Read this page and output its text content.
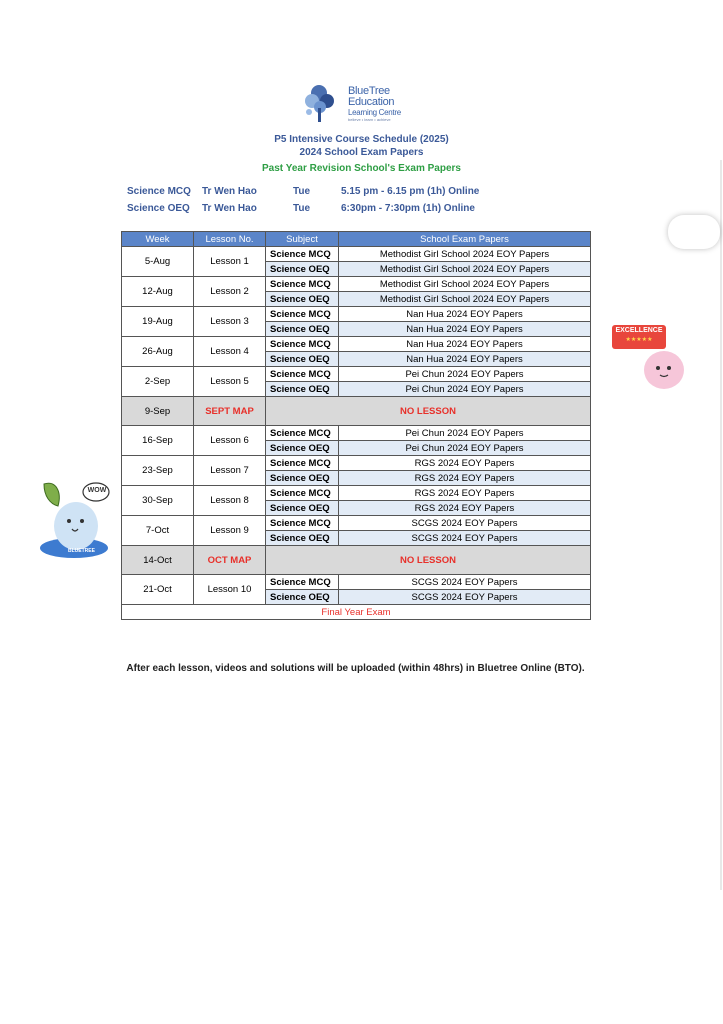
BlueTree
Education
Learning Centre
believe • learn • achieve
P5 Intensive Course Schedule (2025)
2024 School Exam Papers
Past Year Revision School's Exam Papers
Science MCQ Tr Wen Hao	Tue	5.15 pm - 6.15 pm (1h) Online
Science OEQ Tr Wen Hao	Tue	6:30pm - 7:30pm (1h) Online
Week	Lesson No.	Subject	School Exam Papers
5-Aug	Lesson 1	Science MCQ	Methodist Girl School 2024 EOY Papers
		Science OEQ	Methodist Girl School 2024 EOY Papers
12-Aug	Lesson 2	Science MCQ	Methodist Girl School 2024 EOY Papers
		Science OEQ	Methodist Girl School 2024 EOY Papers
19-Aug	Lesson 3	Science MCQ	Nan Hua 2024 EOY Papers
		Science OEQ	Nan Hua 2024 EOY Papers
26-Aug	Lesson 4	Science MCQ	Nan Hua 2024 EOY Papers
		Science OEQ	Nan Hua 2024 EOY Papers
2-Sep	Lesson 5	Science MCQ	Pei Chun 2024 EOY Papers
		Science OEQ	Pei Chun 2024 EOY Papers
9-Sep	SEPT MAP	NO LESSON	
16-Sep	Lesson 6	Science MCQ	Pei Chun 2024 EOY Papers
		Science OEQ	Pei Chun 2024 EOY Papers
23-Sep	Lesson 7	Science MCQ	RGS 2024 EOY Papers
		Science OEQ	RGS 2024 EOY Papers
30-Sep	Lesson 8	Science MCQ	RGS 2024 EOY Papers
		Science OEQ	RGS 2024 EOY Papers
7-Oct	Lesson 9	Science MCQ	SCGS 2024 EOY Papers
		Science OEQ	SCGS 2024 EOY Papers
14-Oct	OCT MAP	NO LESSON	
21-Oct	Lesson 10	Science MCQ	SCGS 2024 EOY Papers
		Science OEQ	SCGS 2024 EOY Papers
Final Year Exam			
After each lesson, videos and solutions will be uploaded (within 48hrs) in Bluetree Online (BTO).
WOW
BLUETREE
EXCELLENCE
★★★★★
